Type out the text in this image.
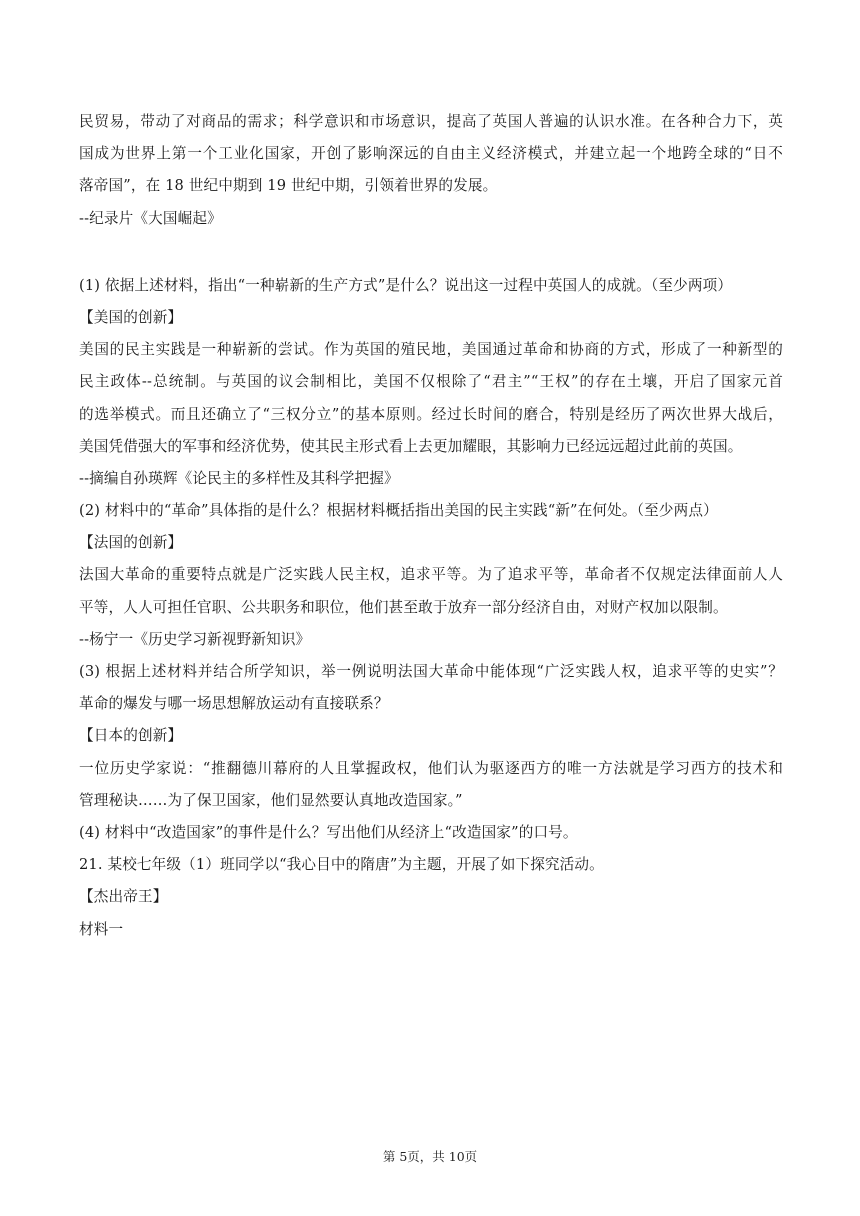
民贸易，带动了对商品的需求；科学意识和市场意识，提高了英国人普遍的认识水准。在各种合力下，英
国成为世界上第一个工业化国家，开创了影响深远的自由主义经济模式，并建立起一个地跨全球的“日不
落帝国”，在 18 世纪中期到 19 世纪中期，引领着世界的发展。
--纪录片《大国崛起》
(1) 依据上述材料，指出“一种崭新的生产方式”是什么？说出这一过程中英国人的成就。（至少两项）
【美国的创新】
美国的民主实践是一种崭新的尝试。作为英国的殖民地，美国通过革命和协商的方式，形成了一种新型的
民主政体--总统制。与英国的议会制相比，美国不仅根除了“君主”“王权”的存在土壤，开启了国家元首
的选举模式。而且还确立了“三权分立”的基本原则。经过长时间的磨合，特别是经历了两次世界大战后，
美国凭借强大的军事和经济优势，使其民主形式看上去更加耀眼，其影响力已经远远超过此前的英国。
--摘编自孙瑛辉《论民主的多样性及其科学把握》
(2) 材料中的“革命”具体指的是什么？根据材料概括指出美国的民主实践“新”在何处。（至少两点）
【法国的创新】
法国大革命的重要特点就是广泛实践人民主权，追求平等。为了追求平等，革命者不仅规定法律面前人人
平等，人人可担任官职、公共职务和职位，他们甚至敢于放弃一部分经济自由，对财产权加以限制。
--杨宁一《历史学习新视野新知识》
(3) 根据上述材料并结合所学知识，举一例说明法国大革命中能体现“广泛实践人权，追求平等的史实”？
革命的爆发与哪一场思想解放运动有直接联系？
【日本的创新】
一位历史学家说：“推翻德川幕府的人且掌握政权，他们认为驱逐西方的唯一方法就是学习西方的技术和
管理秘诀……为了保卫国家，他们显然要认真地改造国家。”
(4) 材料中“改造国家”的事件是什么？写出他们从经济上“改造国家”的口号。
21. 某校七年级（1）班同学以“我心目中的隋唐”为主题，开展了如下探究活动。
【杰出帝王】
材料一
第 5页，共 10页
